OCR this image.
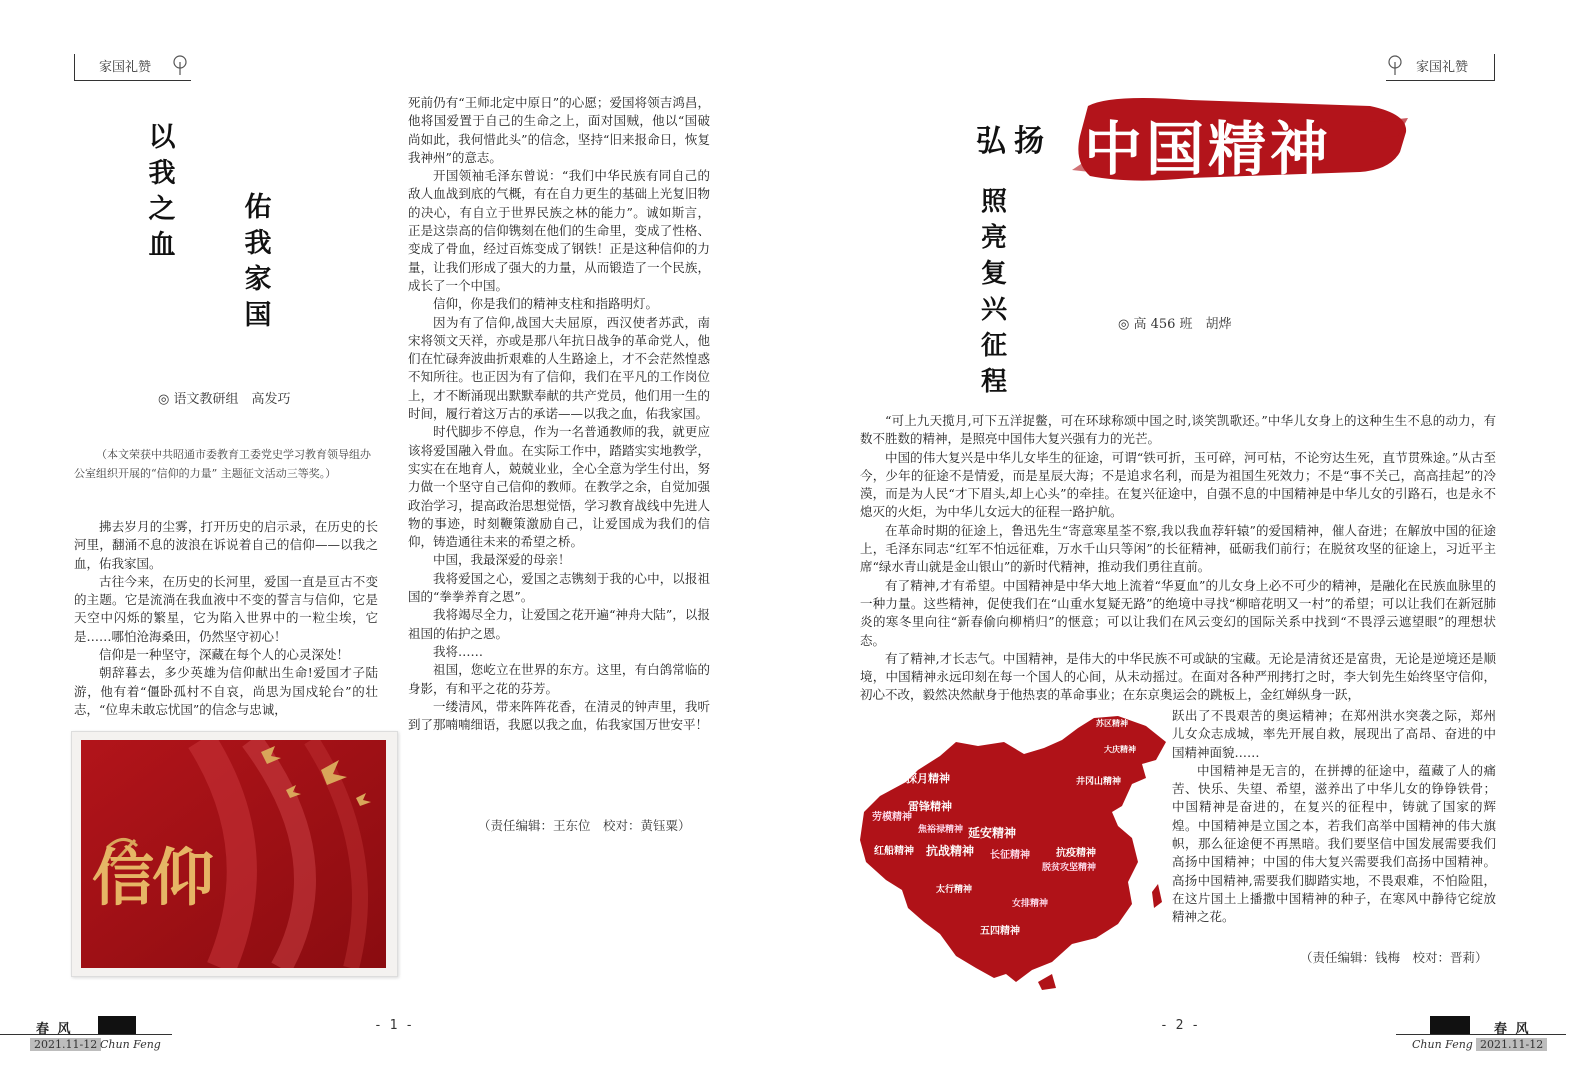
家国礼赞	家国礼赞
以
我
之
血
佑
我
家
国
◎ 语文教研组　高发巧
（本文荣获中共昭通市委教育工委党史学习教育领导组办公室组织开展的“信仰的力量” 主题征文活动三等奖。）

拂去岁月的尘雾，打开历史的启示录，在历史的长河里，翻涌不息的波浪在诉说着自己的信仰——以我之血，佑我家国。

古往今来，在历史的长河里，爱国一直是亘古不变的主题。它是流淌在我血液中不变的誓言与信仰，它是天空中闪烁的繁星，它为陷入世界中的一粒尘埃，它是……哪怕沧海桑田，仍然坚守初心！

信仰是一种坚守，深藏在每个人的心灵深处！

朝辞暮去，多少英雄为信仰献出生命!爱国才子陆游，他有着“僵卧孤村不自哀，尚思为国戍轮台”的壮志，“位卑未敢忘忧国”的信念与忠诚，

信仰

死前仍有“王师北定中原日”的心愿；爱国将领吉鸿昌，他将国爱置于自己的生命之上，面对国贼，他以“国破尚如此，我何惜此头”的信念，坚持“旧来报命日，恢复我神州”的意志。

开国领袖毛泽东曾说：“我们中华民族有同自己的敌人血战到底的气概，有在自力更生的基础上光复旧物的决心，有自立于世界民族之林的能力”。诚如斯言，正是这崇高的信仰镌刻在他们的生命里，变成了性格、变成了骨血，经过百炼变成了钢铁！正是这种信仰的力量，让我们形成了强大的力量，从而锻造了一个民族，成长了一个中国。

信仰，你是我们的精神支柱和指路明灯。

因为有了信仰,战国大夫屈原，西汉使者苏武，南宋将领文天祥，亦或是那八年抗日战争的革命党人，他们在忙碌奔波曲折艰难的人生路途上，才不会茫然惶惑不知所往。也正因为有了信仰，我们在平凡的工作岗位上，才不断涌现出默默奉献的共产党员，他们用一生的时间，履行着这万古的承诺——以我之血，佑我家国。

时代脚步不停息，作为一名普通教师的我，就更应该将爱国融入骨血。在实际工作中，踏踏实实地教学，实实在在地育人，兢兢业业，全心全意为学生付出，努力做一个坚守自己信仰的教师。在教学之余，自觉加强政治学习，提高政治思想觉悟，学习教育战线中先进人物的事迹，时刻鞭策激励自己，让爱国成为我们的信仰，铸造通往未来的希望之桥。

中国，我最深爱的母亲！

我将爱国之心，爱国之志镌刻于我的心中，以报祖国的“拳拳养育之恩”。

我将竭尽全力，让爱国之花开遍“神舟大陆”，以报祖国的佑护之恩。

我将……

祖国，您屹立在世界的东方。这里，有白鸽常临的身影，有和平之花的芬芳。

一缕清风，带来阵阵花香，在清灵的钟声里，我听到了那喃喃细语，我愿以我之血，佑我家国万世安平！

（责任编辑：王东位　校对：黄钰粟）
弘扬 中国精神
照
亮
复
兴
征
程
◎ 高 456 班　胡烨

“可上九天揽月,可下五洋捉鳖，可在环球称颂中国之时,谈笑凯歌还。”中华儿女身上的这种生生不息的动力，有数不胜数的精神，是照亮中国伟大复兴强有力的光芒。

中国的伟大复兴是中华儿女毕生的征途，可谓“铁可折，玉可碎，河可枯，不论穷达生死，直节贯殊途。”从古至今，少年的征途不是情爱，而是星辰大海；不是追求名利，而是为祖国生死效力；不是“事不关己，高高挂起”的冷漠，而是为人民“才下眉头,却上心头”的牵挂。在复兴征途中，自强不息的中国精神是中华儿女的引路石，也是永不熄灭的火炬，为中华儿女远大的征程一路护航。

在革命时期的征途上，鲁迅先生“寄意寒星荃不察,我以我血荐轩辕”的爱国精神，催人奋进；在解放中国的征途上，毛泽东同志“红军不怕远征难，万水千山只等闲”的长征精神，砥砺我们前行；在脱贫攻坚的征途上，习近平主席“绿水青山就是金山银山”的新时代精神，推动我们勇往直前。

有了精神,才有希望。中国精神是中华大地上流着“华夏血”的儿女身上必不可少的精神，是融化在民族血脉里的一种力量。这些精神，促使我们在“山重水复疑无路”的绝境中寻找“柳暗花明又一村”的希望；可以让我们在新冠肺炎的寒冬里向往“新春偷向柳梢归”的惬意；可以让我们在风云变幻的国际关系中找到“不畏浮云遮望眼”的理想状态。

有了精神,才长志气。中国精神，是伟大的中华民族不可或缺的宝藏。无论是清贫还是富贵，无论是逆境还是顺境，中国精神永远印刻在每一个国人的心间，从未动摇过。在面对各种严刑拷打之时，李大钊先生始终坚守信仰，初心不改，毅然决然献身于他热衷的革命事业；在东京奥运会的跳板上，金红婵纵身一跃，

探月精神
雷锋精神
劳模精神
红船精神 抗战精神
延安精神
长征精神
五四精神
井冈山精神
抗疫精神
脱贫攻坚精神
大庆精神
焦裕禄精神
苏区精神
太行精神
女排精神

跃出了不畏艰苦的奥运精神；在郑州洪水突袭之际，郑州儿女众志成城，率先开展自救，展现出了高昂、奋进的中国精神面貌……

中国精神是无言的，在拼搏的征途中，蕴藏了人的痛苦、快乐、失望、希望，滋养出了中华儿女的铮铮铁骨；中国精神是奋进的，在复兴的征程中，铸就了国家的辉煌。中国精神是立国之本，若我们高举中国精神的伟大旗帜，那么征途便不再黑暗。我们要坚信中国发展需要我们高扬中国精神；中国的伟大复兴需要我们高扬中国精神。高扬中国精神,需要我们脚踏实地，不畏艰难，不怕险阻，在这片国土上播撒中国精神的种子，在寒风中静待它绽放精神之花。

（责任编辑：钱梅　校对：晋莉）
春 风
2021.11-12 Chun Feng
- 1 -	- 2 -	春 风
Chun Feng 2021.11-12
